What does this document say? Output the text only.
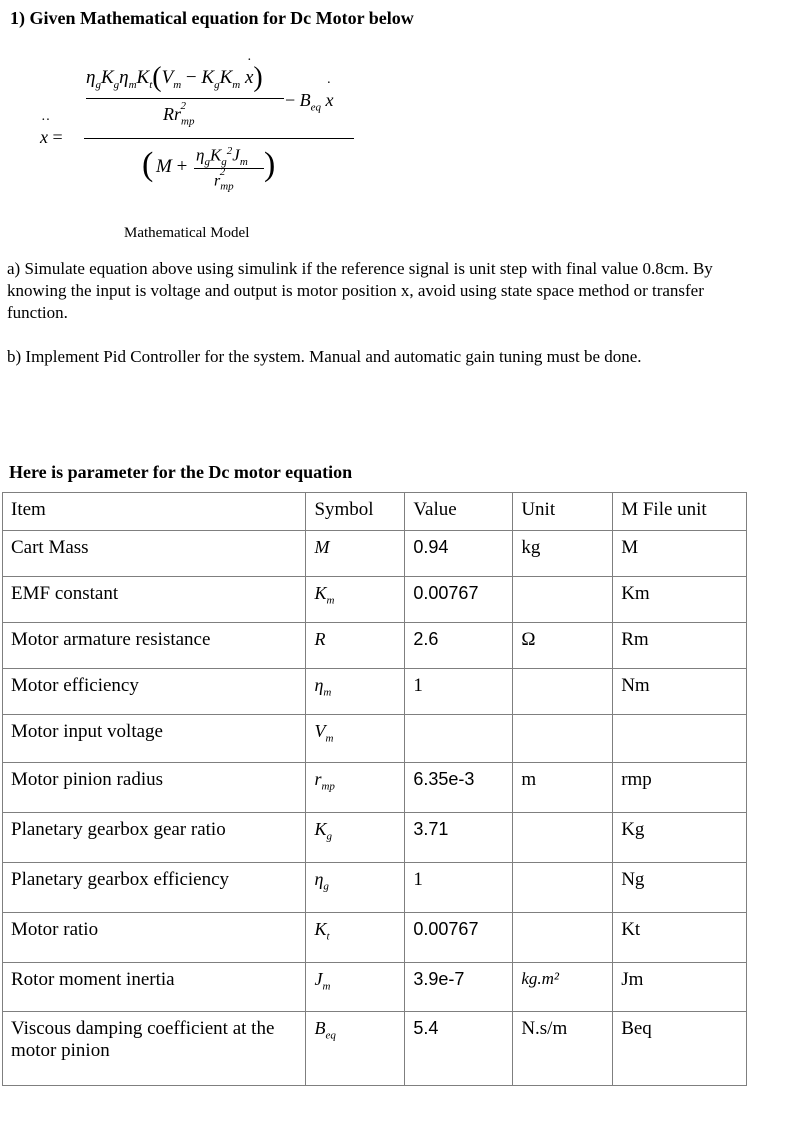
1) Given Mathematical equation for Dc Motor below
x
··
=
$\eta_gK_g\eta_mK_t(V_m - K_gK_m$ x
·
)
$Rr_{mp}^2$	− $B_{eq}$ x
·
( M +
$\eta_gK_g^2J_m$
$r_{mp}^2$	)
Mathematical Model
a) Simulate equation above using simulink if the reference signal is unit step with final value 0.8cm. By knowing the input is voltage and output is motor position x, avoid using state space method or transfer function.
b) Implement Pid Controller for the system. Manual and automatic gain tuning must be done.
Here is parameter for the Dc motor equation
Item	Symbol	Value	Unit	M File unit
Cart Mass	M	0.94	kg	M
EMF constant	$K_m$	0.00767		Km
Motor armature resistance	R	2.6	Ω	Rm
Motor efficiency	$\eta_m$	1		Nm
Motor input voltage	$V_m$			
Motor pinion radius	$r_{mp}$	6.35e-3	m	rmp
Planetary gearbox gear ratio	$K_g$	3.71		Kg
Planetary gearbox efficiency	$\eta_g$	1		Ng
Motor ratio	$K_t$	0.00767		Kt
Rotor moment inertia	$J_m$	3.9e-7	kg.m²	Jm
Viscous damping coefficient at the motor pinion	$B_{eq}$	5.4	N.s/m	Beq
